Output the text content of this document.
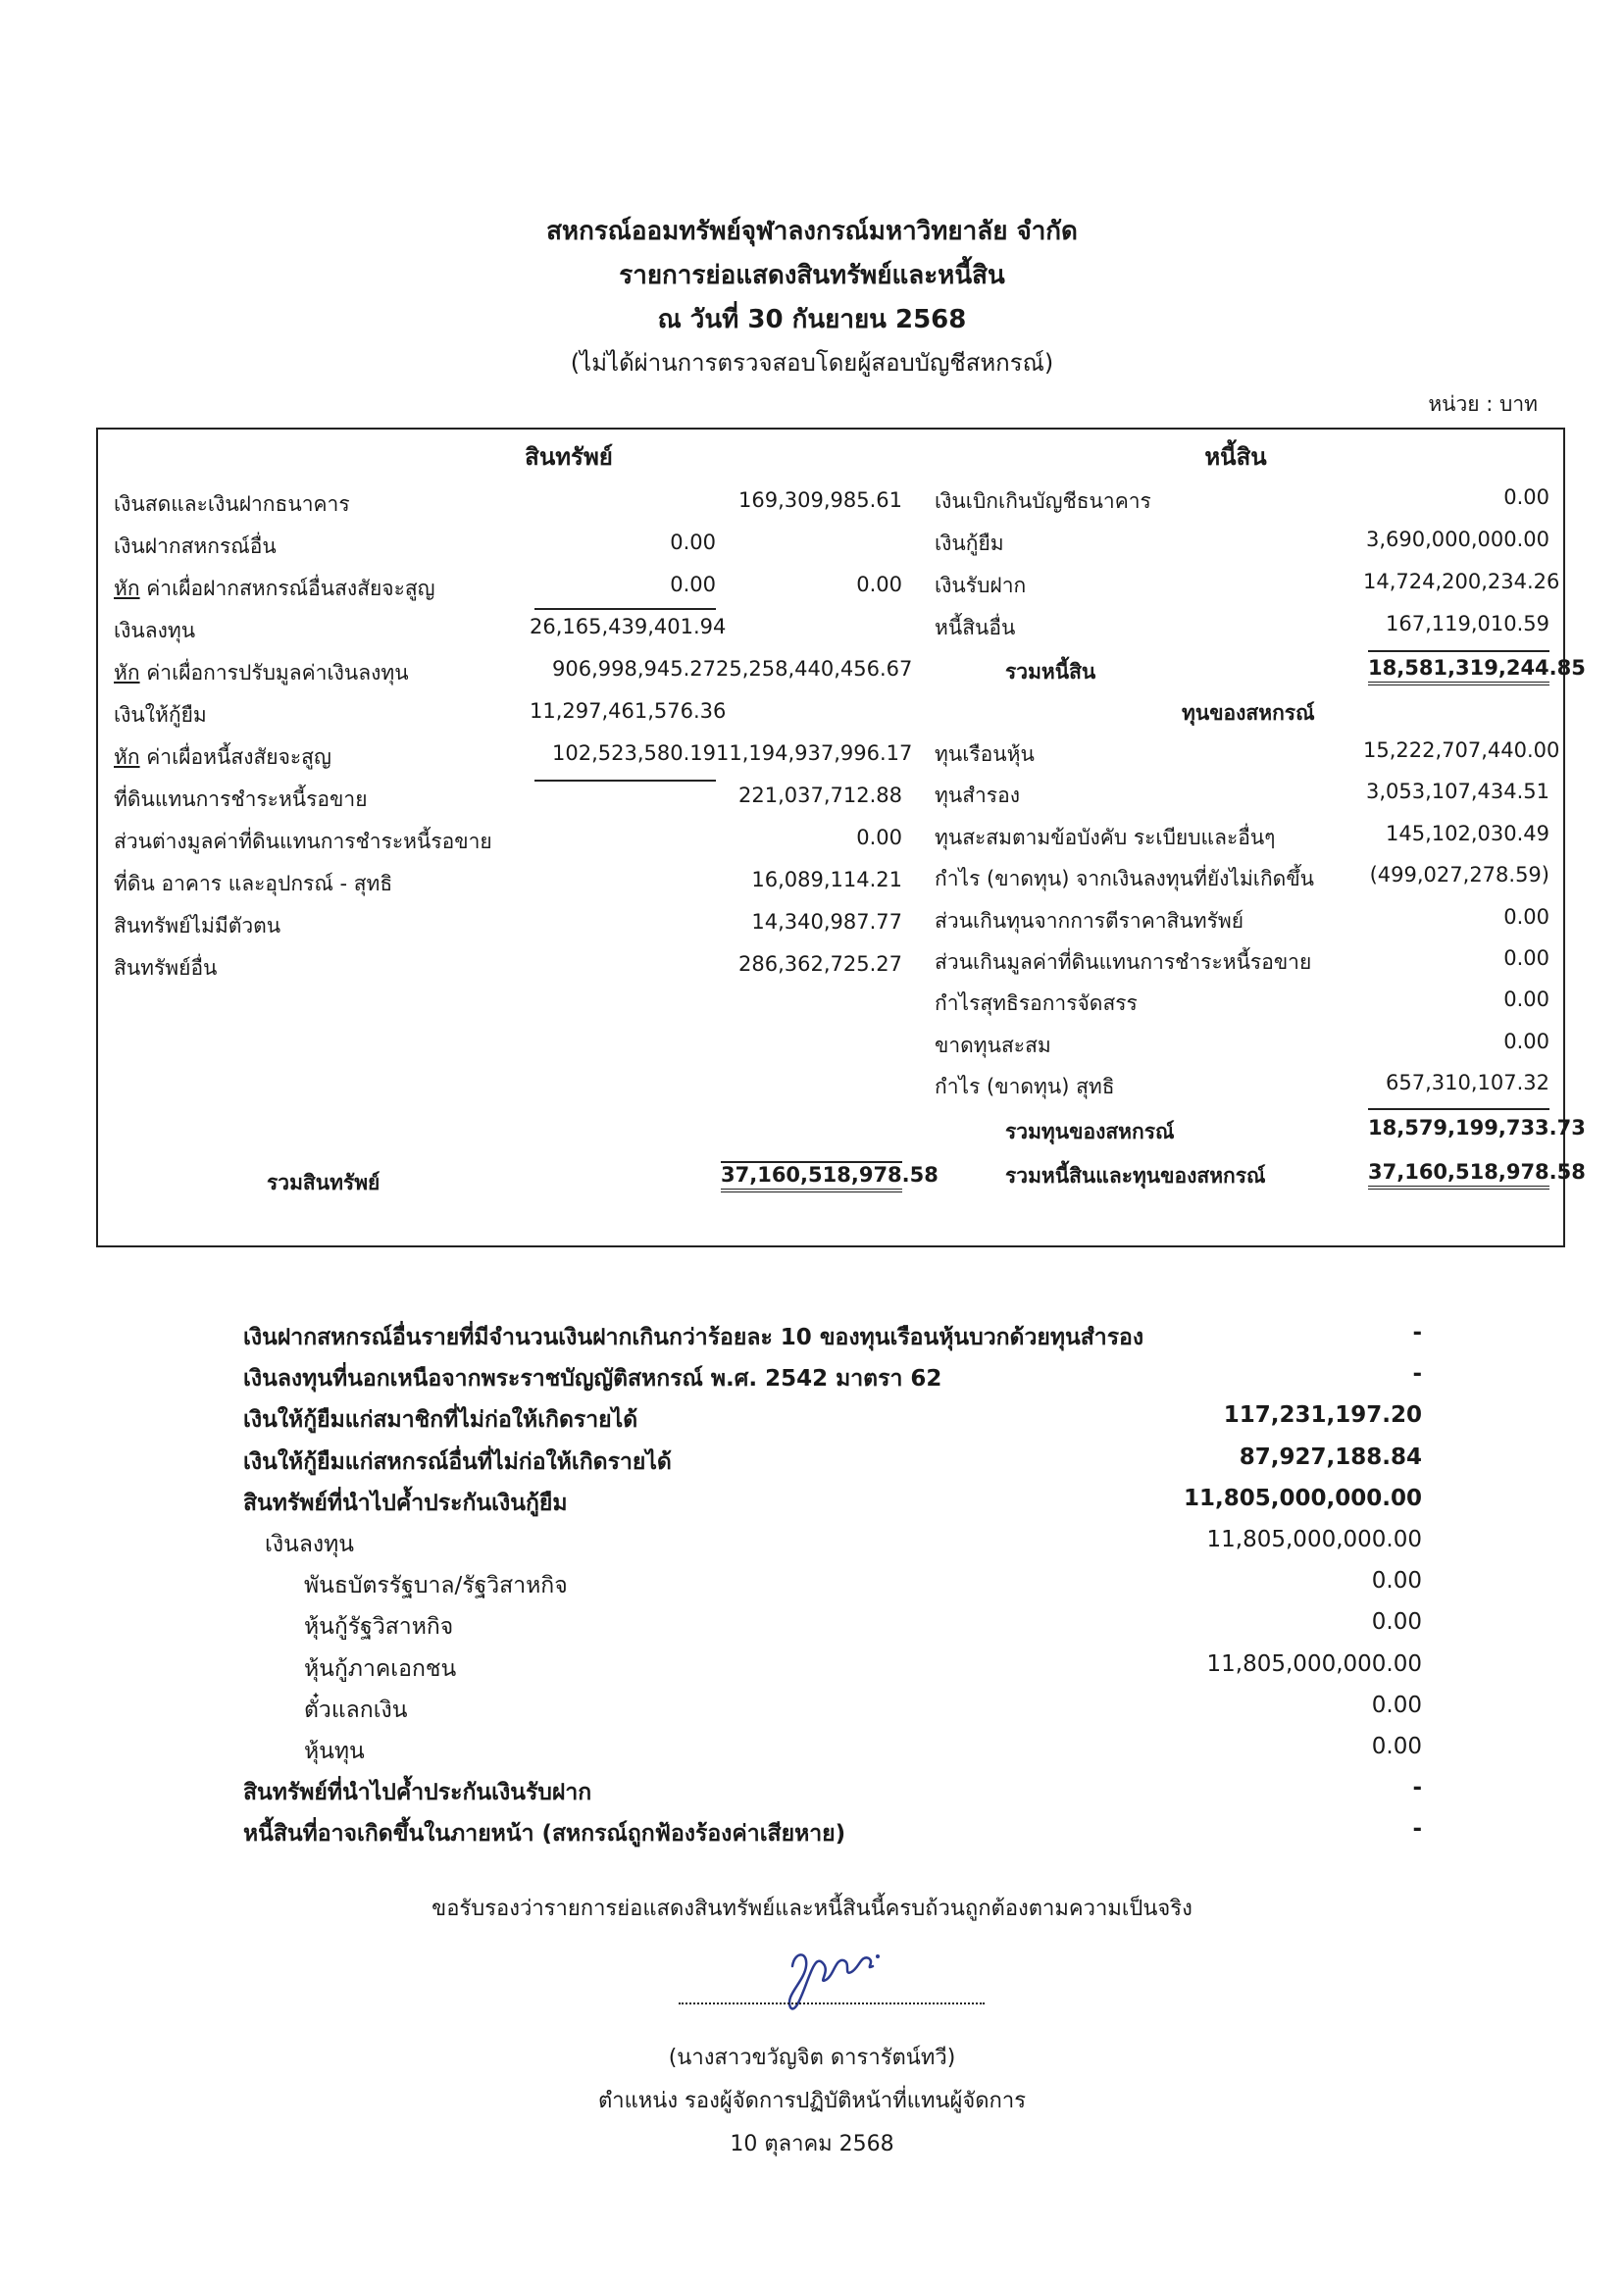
สหกรณ์ออมทรัพย์จุฬาลงกรณ์มหาวิทยาลัย จำกัด
รายการย่อแสดงสินทรัพย์และหนี้สิน
ณ วันที่ 30 กันยายน 2568
(ไม่ได้ผ่านการตรวจสอบโดยผู้สอบบัญชีสหกรณ์)
หน่วย : บาท
สินทรัพย์	หนี้สิน
เงินสดและเงินฝากธนาคาร	169,309,985.61
เงินฝากสหกรณ์อื่น	0.00
หัก ค่าเผื่อฝากสหกรณ์อื่นสงสัยจะสูญ	0.00	0.00
เงินลงทุน	26,165,439,401.94
หัก ค่าเผื่อการปรับมูลค่าเงินลงทุน	906,998,945.27 25,258,440,456.67
เงินให้กู้ยืม	11,297,461,576.36
หัก ค่าเผื่อหนี้สงสัยจะสูญ	102,523,580.19 11,194,937,996.17
ที่ดินแทนการชำระหนี้รอขาย	221,037,712.88
ส่วนต่างมูลค่าที่ดินแทนการชำระหนี้รอขาย	0.00
ที่ดิน อาคาร และอุปกรณ์ - สุทธิ	16,089,114.21
สินทรัพย์ไม่มีตัวตน	14,340,987.77
สินทรัพย์อื่น	286,362,725.27
เงินเบิกเกินบัญชีธนาคาร	0.00
เงินกู้ยืม	3,690,000,000.00
เงินรับฝาก	14,724,200,234.26
หนี้สินอื่น	167,119,010.59
ทุนของสหกรณ์
ทุนเรือนหุ้น	15,222,707,440.00
ทุนสำรอง	3,053,107,434.51
ทุนสะสมตามข้อบังคับ ระเบียบและอื่นๆ	145,102,030.49
กำไร (ขาดทุน) จากเงินลงทุนที่ยังไม่เกิดขึ้น	(499,027,278.59)
ส่วนเกินทุนจากการตีราคาสินทรัพย์	0.00
ส่วนเกินมูลค่าที่ดินแทนการชำระหนี้รอขาย	0.00
กำไรสุทธิรอการจัดสรร	0.00
ขาดทุนสะสม	0.00
กำไร (ขาดทุน) สุทธิ	657,310,107.32
รวมหนี้สิน	18,581,319,244.85
รวมทุนของสหกรณ์	18,579,199,733.73
รวมหนี้สินและทุนของสหกรณ์	37,160,518,978.58
รวมสินทรัพย์	37,160,518,978.58
เงินฝากสหกรณ์อื่นรายที่มีจำนวนเงินฝากเกินกว่าร้อยละ 10 ของทุนเรือนหุ้นบวกด้วยทุนสำรอง	-
เงินลงทุนที่นอกเหนือจากพระราชบัญญัติสหกรณ์ พ.ศ. 2542 มาตรา 62	-
เงินให้กู้ยืมแก่สมาชิกที่ไม่ก่อให้เกิดรายได้	117,231,197.20
เงินให้กู้ยืมแก่สหกรณ์อื่นที่ไม่ก่อให้เกิดรายได้	87,927,188.84
สินทรัพย์ที่นำไปค้ำประกันเงินกู้ยืม	11,805,000,000.00
เงินลงทุน	11,805,000,000.00
พันธบัตรรัฐบาล/รัฐวิสาหกิจ	0.00
หุ้นกู้รัฐวิสาหกิจ	0.00
หุ้นกู้ภาคเอกชน	11,805,000,000.00
ตั๋วแลกเงิน	0.00
หุ้นทุน	0.00
สินทรัพย์ที่นำไปค้ำประกันเงินรับฝาก	-
หนี้สินที่อาจเกิดขึ้นในภายหน้า (สหกรณ์ถูกฟ้องร้องค่าเสียหาย)	-
ขอรับรองว่ารายการย่อแสดงสินทรัพย์และหนี้สินนี้ครบถ้วนถูกต้องตามความเป็นจริง
(นางสาวขวัญจิต ดารารัตน์ทวี)
ตำแหน่ง รองผู้จัดการปฏิบัติหน้าที่แทนผู้จัดการ
10 ตุลาคม 2568
